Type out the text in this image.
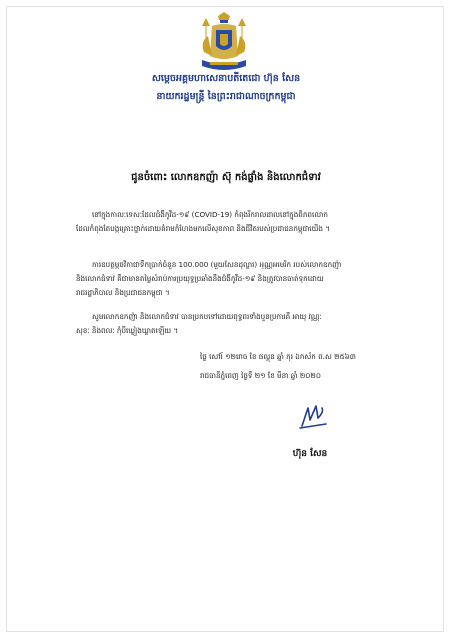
សម្តេចអគ្គមហាសេនាបតីតេជោ ហ៊ុន សែន
នាយករដ្ឋមន្ត្រី នៃព្រះរាជាណាចក្រកម្ពុជា
ជូនចំពោះ លោកឧកញ៉ា ស៊ុ កង់ផ្លាំង និងលោកជំទាវ
នៅក្នុងកាលៈទេសៈដែលជំងឺកូវីដ-១៩ (COVID-19) កំពុងរីករាលដាលនៅក្នុងពិភពលោក
ដែលកំពុងតែបង្កគ្រោះថ្នាក់ដោយគំរាមកំហែងមកលើសុខភាព និងជីវិតរបស់ប្រជាជនកម្ពុជាយើង ។
ការឧបត្ថម្ភថវិកាជាទឹកប្រាក់ចំនួន 100.000 (មួយសែនដុល្លារ) អុណ្ណអមេរិក របស់លោកឧកញ៉ា
និងលោកជំទាវ គឺជាមានតម្លៃសំរាប់ការប្រយុទ្ធប្រឆាំងនឹងជំងឺកូវីដ-១៩ និងត្រូវបានចាត់ទុកដោយ
រាជរដ្ឋាភិបាល និងប្រជាជនកម្ពុជា ។
សូមលោកឧកញ៉ា និងលោកជំទាវ បានប្រកបទៅដោយពុទ្ធពរទាំងបួនប្រការគឺ អាយុ វណ្ណៈ
សុខៈ និងពលៈ កុំបីឃ្លៀងឃ្លាតឡើយ ។
ថ្ងៃ សៅរ៍ ១២រោច ខែ ផល្គុន ឆ្នាំ កុរ ឯកស័ក ព.ស ២៥៦៣
រាជធានីភ្នំពេញ ថ្ងៃទី ២១ ខែ មីនា ឆ្នាំ ២០២០
ហ៊ុន សែន
